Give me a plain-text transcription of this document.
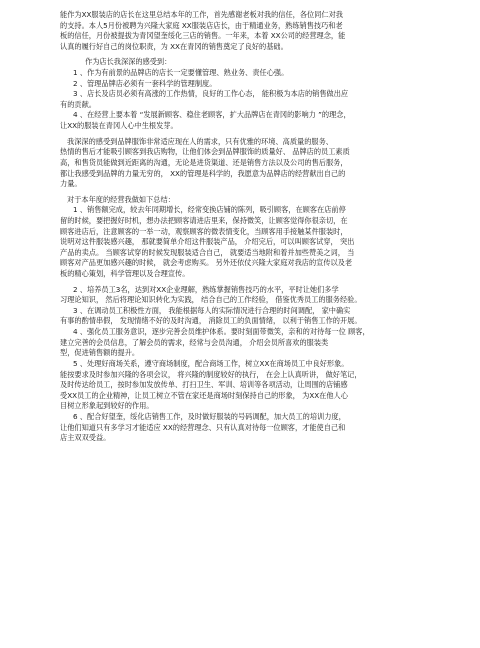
能作为XX服装店的店长在这里总结本年的工作，首先感谢老板对我的信任，各位同仁对我

的支持。本人5月份被聘为兴隆大家庭 XX服装店店长，由于精通业务，熟练销售技巧和老

板的信任，月份被提拔为青冈望奎绥化三店的销售。一年来，本着 XX公司的经营理念，能

认真的履行好自己的岗位职责，为 XX在青冈的销售奠定了良好的基础。

作为店长我深深的感受到：

1 、作为有前景的品牌店的店长一定要懂管理、熟业务、责任心强。

2 、管理品牌店必须有一套科学的管理制度。

3 、店长及店员必须有高涨的工作热情，良好的工作心态， 能积极为本店的销售做出应

有的贡献。

4 、在经营上要本着 “发展新顾客、稳住老顾客，扩大品牌店在青冈的影响力 ”的理念，

让XX的服装在青冈人心中生根发芽。

我深深的感受到品牌服饰非常适应现在人的需求，只有优雅的环境、高质量的服务、

热情的售后才能吸引顾客到我店购物，让他们体会到品牌服饰的质量好、 品牌店的员工素质

高，和售货员能做到近距离的沟通，无论是进货渠道、还是销售方法以及公司的售后服务，

都让我感受到品牌的力量无穷的， XX的管理是科学的，我愿意为品牌店的经营献出自己的

力量。

对于本年度的经营我做如下总结：

1 、销售额完成，较去年同期增长，经常变换店铺的陈列，吸引顾客，在顾客在店前停

留的时候，要把握好时机，想办法把顾客请进店里来，保持微笑，让顾客觉得你很亲切，在

顾客进店后，注意顾客的一举一动，观察顾客的微表情变化，当顾客用手接触某件服装时，

说明对这件服装感兴趣， 那就要简单介绍这件服装产品， 介绍完后，可以叫顾客试穿， 突出

产品的卖点。 当顾客试穿的时候发现服装适合自己， 就要适当地附和着并加些赞美之词， 当

顾客对产品更加感兴趣的时候， 就会考虑购买。 另外还依仗兴隆大家庭对我店的宣传以及老

板的精心策划，科学管理以及合理宣传。

2 、培养员工3名，达到对XX企业理解，熟练掌握销售技巧的水平，平时让她们多学

习理论知识， 然后将理论知识转化为实践， 结合自己的工作经验， 借鉴优秀员工的服务经验。

3 、在调动员工积极性方面， 我能根据每人的实际情况进行合理的时间调配， 家中确实

有事的酌情串假， 发现情绪不好的及时沟通， 消除员工的负面情绪， 以利于销售工作的开展。

4 、强化员工服务意识，逐步完善会员维护体系。要时刻面带微笑，亲和的对待每一位 顾客，

建立完善的会员信息，了解会员的需求，经常与会员沟通， 介绍会员所喜欢的服装类

型，促进销售额的提升。

5 、处理好商场关系，遵守商场制度，配合商场工作，树立XX在商场员工中良好形象。

能按要求及时参加兴隆的各项会议， 将兴隆的制度较好的执行， 在会上认真听讲， 做好笔记，

及时传达给员工，按时参加发放传单、打扫卫生、军训、培训等各项活动，让周围的店铺感

受XX员工的企业精神，让员工树立不管在家还是商场时刻保持自己的形象， 为XX在他人心

目树立形象起到较好的作用。

6 、配合好望奎，绥化店销售工作，及时做好服装的号码调配，加大员工的培训力度，

让他们知道只有多学习才能适应 XX的经营理念、只有认真对待每一位顾客，才能使自己和

店主双双受益。
